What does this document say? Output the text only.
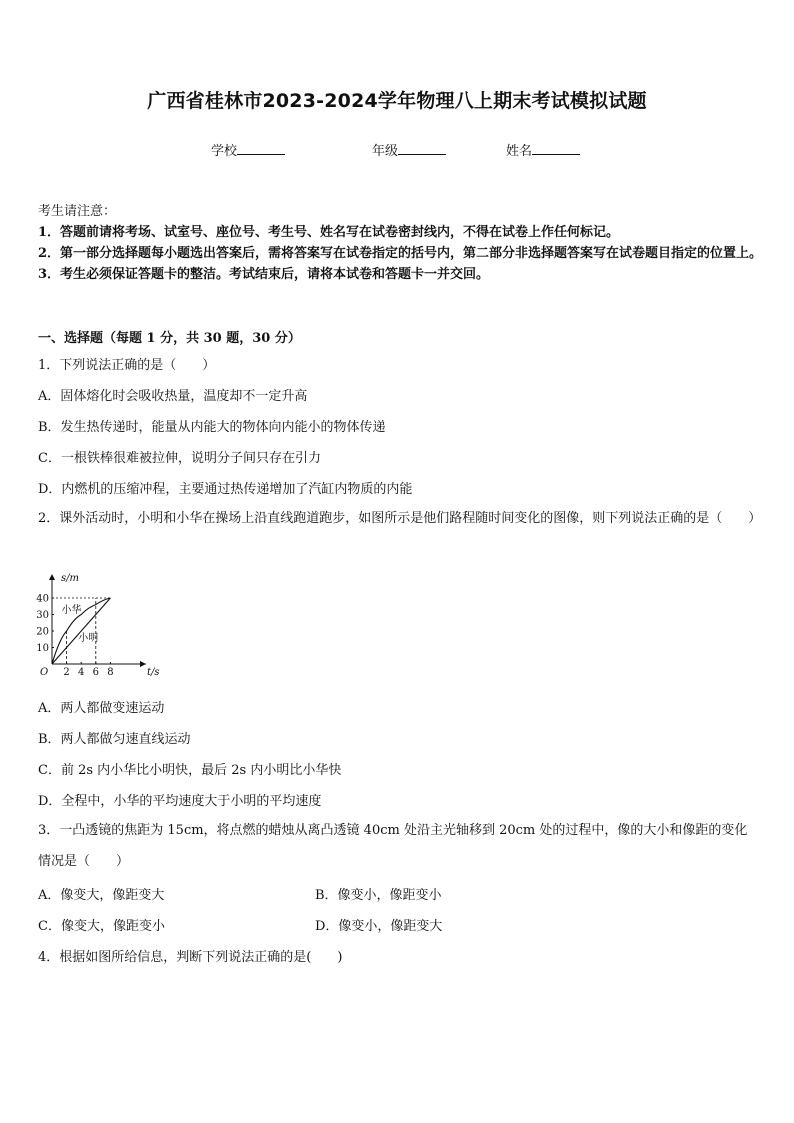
广西省桂林市2023-2024学年物理八上期末考试模拟试题
学校	年级	姓名

考生请注意：

1．答题前请将考场、试室号、座位号、考生号、姓名写在试卷密封线内，不得在试卷上作任何标记。

2．第一部分选择题每小题选出答案后，需将答案写在试卷指定的括号内，第二部分非选择题答案写在试卷题目指定的位置上。

3．考生必须保证答题卡的整洁。考试结束后，请将本试卷和答题卡一并交回。

一、选择题（每题 1 分，共 30 题，30 分）
1．下列说法正确的是（　　）
A．固体熔化时会吸收热量，温度却不一定升高
B．发生热传递时，能量从内能大的物体向内能小的物体传递
C．一根铁棒很难被拉伸，说明分子间只存在引力
D．内燃机的压缩冲程，主要通过热传递增加了汽缸内物质的内能
2．课外活动时，小明和小华在操场上沿直线跑道跑步，如图所示是他们路程随时间变化的图像，则下列说法正确的是（　　）
s/m
t/s
O 2 4 6 8
10
20
30
40
小华
小明
A．两人都做变速运动
B．两人都做匀速直线运动
C．前 2s 内小华比小明快，最后 2s 内小明比小华快
D．全程中，小华的平均速度大于小明的平均速度
3．一凸透镜的焦距为 15cm，将点燃的蜡烛从离凸透镜 40cm 处沿主光轴移到 20cm 处的过程中，像的大小和像距的变化情况是（　　）
A．像变大，像距变大	B．像变小，像距变小
C．像变大，像距变小	D．像变小，像距变大
4．根据如图所给信息，判断下列说法正确的是(　　)
